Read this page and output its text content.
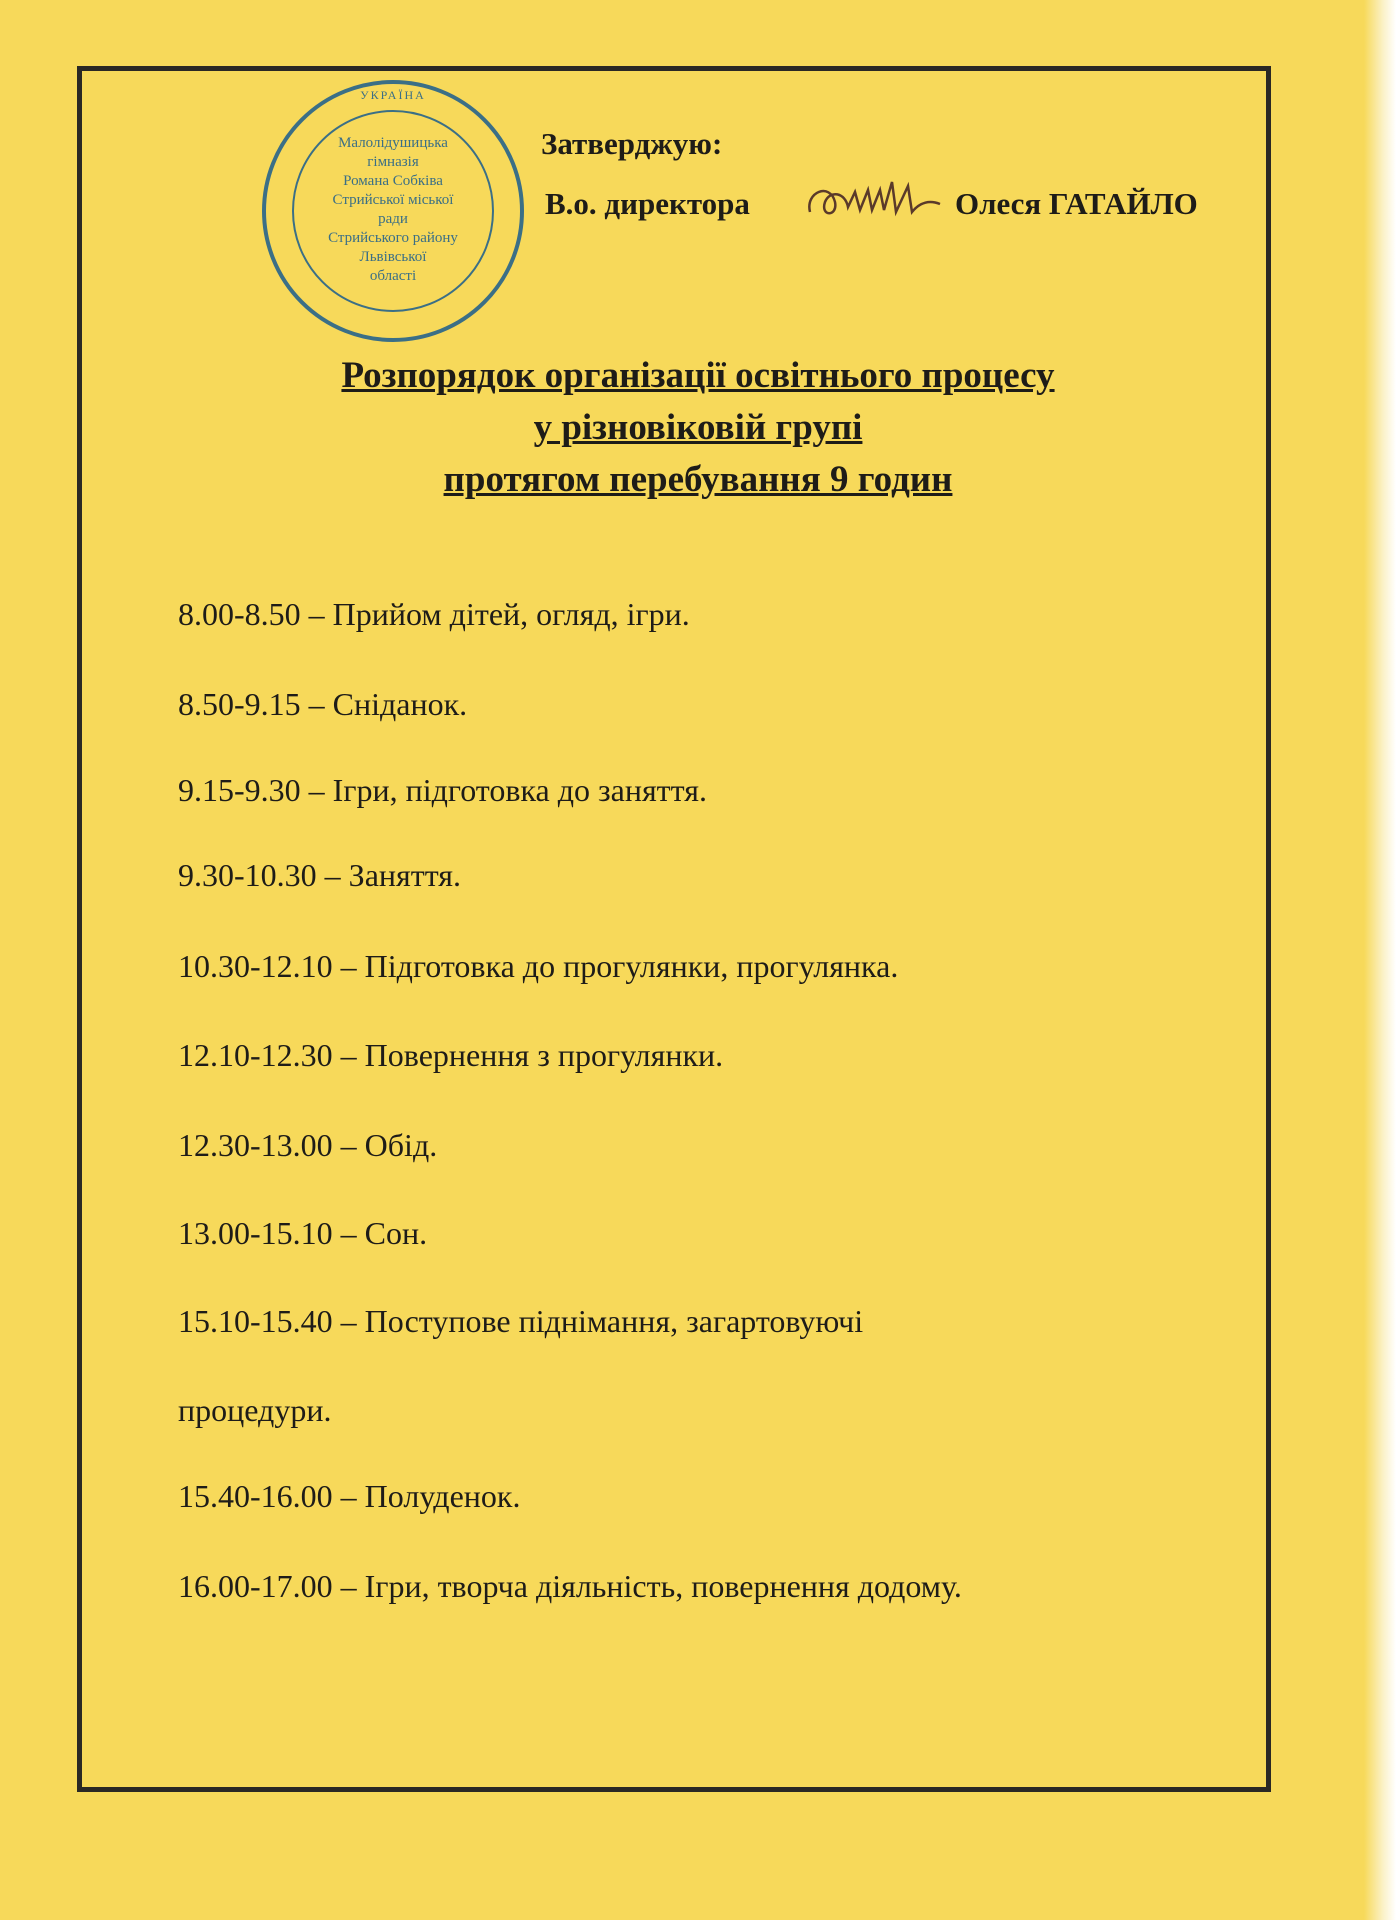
УКРАЇНА
Малолідушицька
гімназія
Романа Собківа
Стрийської міської
ради
Стрийського району
Львівської
області
Затверджую:
В.о. директора	Олеся ГАТАЙЛО
Розпорядок організації освітнього процесу
у різновіковій групі
протягом перебування 9 годин
8.00-8.50 – Прийом дітей, огляд, ігри.
8.50-9.15 – Сніданок.
9.15-9.30 – Ігри, підготовка до заняття.
9.30-10.30 – Заняття.
10.30-12.10 – Підготовка до прогулянки, прогулянка.
12.10-12.30 – Повернення з прогулянки.
12.30-13.00 – Обід.
13.00-15.10 – Сон.
15.10-15.40 – Поступове піднімання, загартовуючі
процедури.
15.40-16.00 – Полуденок.
16.00-17.00 – Ігри, творча діяльність, повернення додому.
